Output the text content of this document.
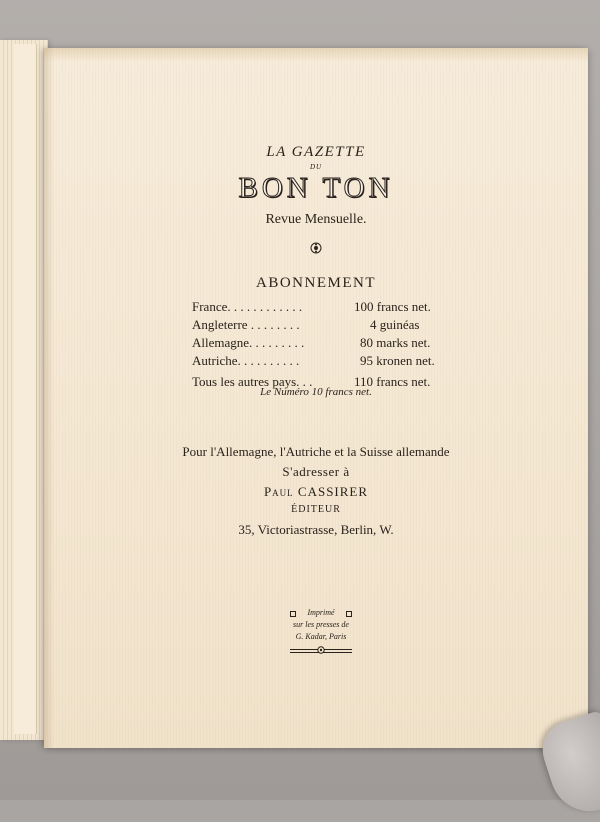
LA GAZETTE
DU
BON TON
Revue Mensuelle.
ABONNEMENT
France. . . . . . . . . . . .	100 francs net.
Angleterre . . . . . . . .	4 guinéas
Allemagne. . . . . . . . .	80 marks net.
Autriche. . . . . . . . . .	95 kronen net.
Tous les autres pays. . .	110 francs net.
Le Numéro 10 francs net.
Pour l'Allemagne, l'Autriche et la Suisse allemande
S'adresser à
Paul CASSIRER
ÉDITEUR
35, Victoriastrasse, Berlin, W.
Imprimé
sur les presses de
G. Kadar, Paris
